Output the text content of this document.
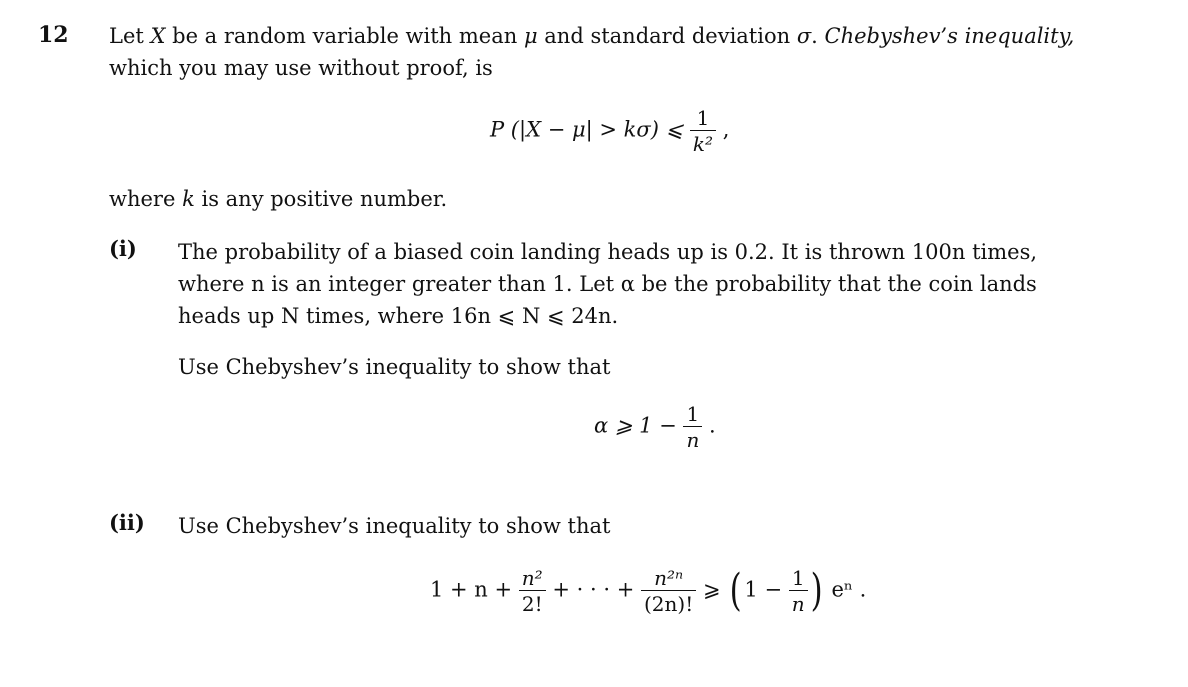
12 Let X be a random variable with mean μ and standard deviation σ. Chebyshev’s inequality,
which you may use without proof, is
P (|X − μ| > kσ) ⩽ $\frac{1}{\text{k²}}$ ,
where k is any positive number.
(i) The probability of a biased coin landing heads up is 0.2. It is thrown 100n times,
where n is an integer greater than 1. Let α be the probability that the coin lands
heads up N times, where 16n ⩽ N ⩽ 24n.
Use Chebyshev’s inequality to show that
α ⩾ $1 - \frac{1}{n}$ .
(ii) Use Chebyshev’s inequality to show that
$1 + n + \frac{\text{n²}}{2!}$ + · · · + $\frac{\text{n²ⁿ}}{(2n)!}$ ⩾ ( $1 - \frac{1}{n}$ ) eⁿ .
